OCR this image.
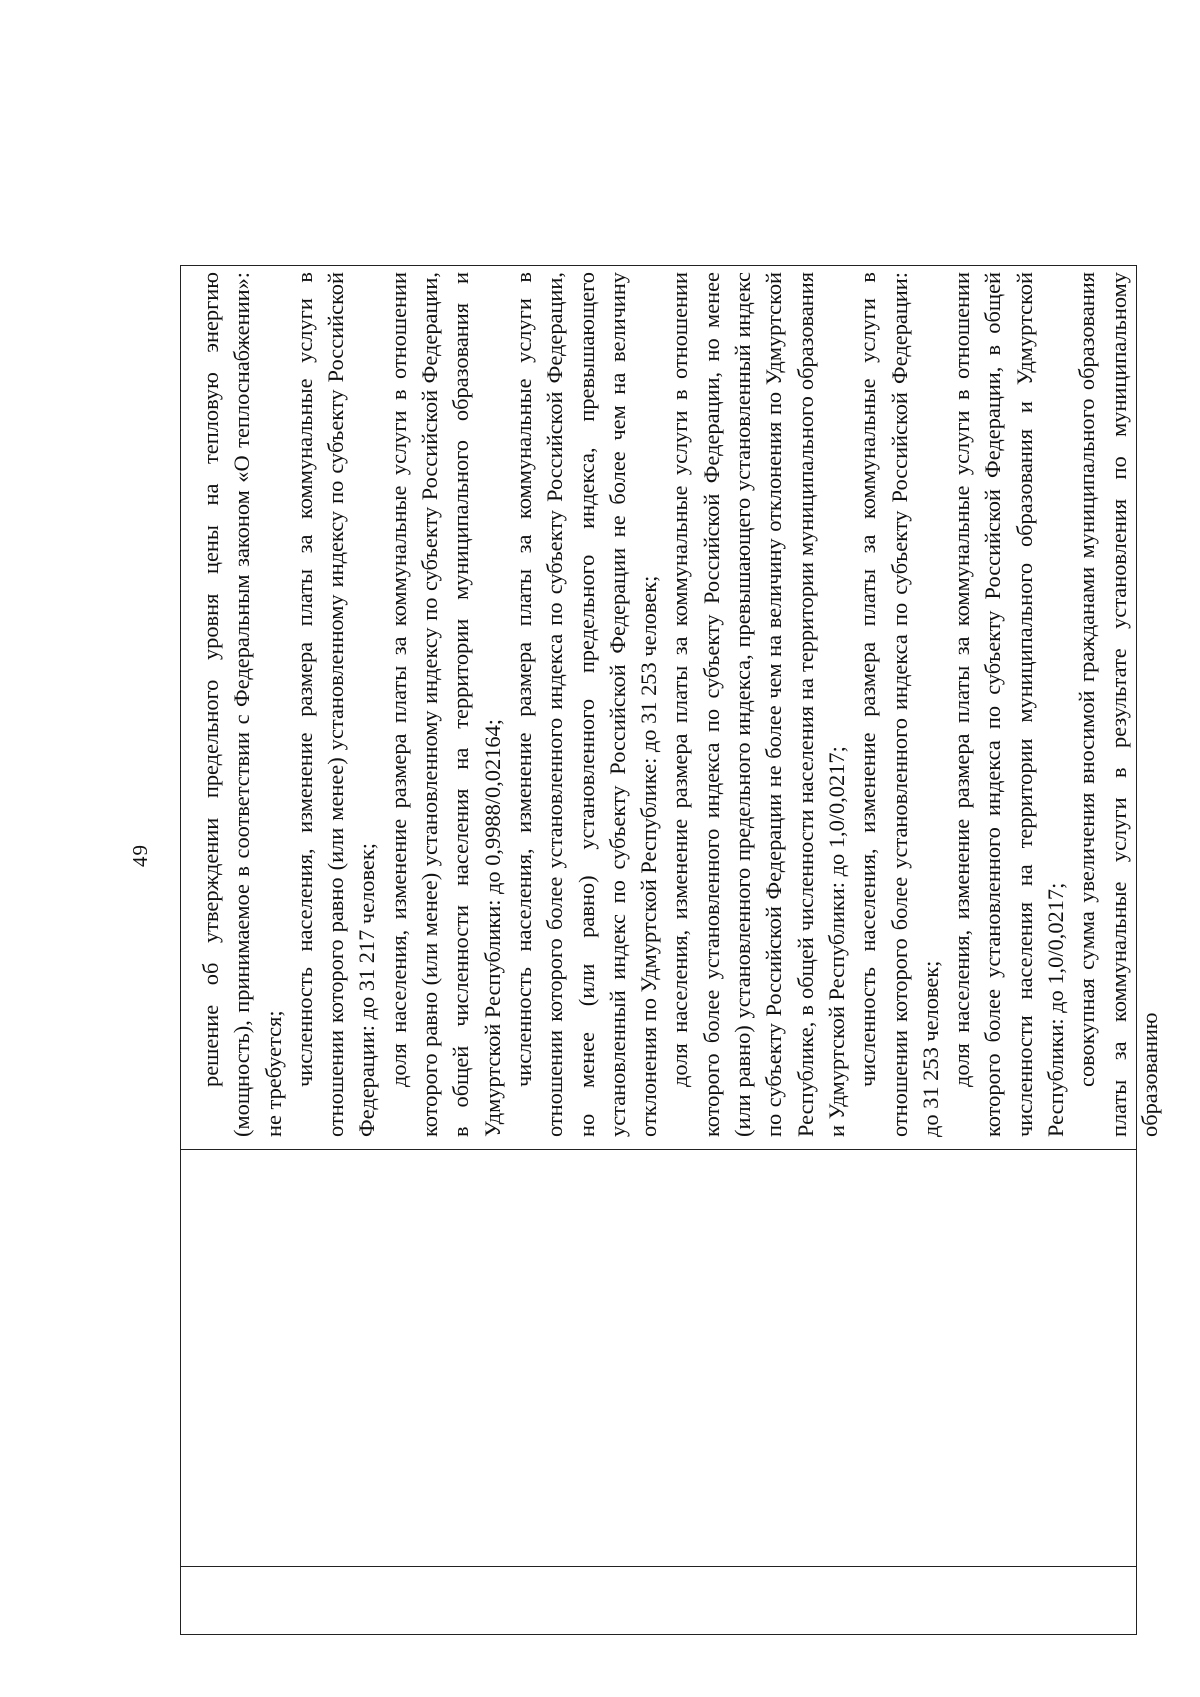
49 решение об утверждении предельного уровня цены на тепловую энергию (мощность), принимаемое в соответствии с Федеральным законом «О теплоснабжении»: не требуется; численность населения, изменение размера платы за коммунальные услуги в отношении которого равно (или менее) установленному индексу по субъекту Российской Федерации: до 31 217 человек; доля населения, изменение размера платы за коммунальные услуги в отношении которого равно (или менее) установленному индексу по субъекту Российской Федерации, в общей численности населения на территории муниципального образования и Удмуртской Республики: до 0,9988/0,02164; численность населения, изменение размера платы за коммунальные услуги в отношении которого более установленного индекса по субъекту Российской Федерации, но менее (или равно) установленного предельного индекса, превышающего установленный индекс по субъекту Российской Федерации не более чем на величину отклонения по Удмуртской Республике: до 31 253 человек; доля населения, изменение размера платы за коммунальные услуги в отношении которого более установленного индекса по субъекту Российской Федерации, но менее (или равно) установленного предельного индекса, превышающего установленный индекс по субъекту Российской Федерации не более чем на величину отклонения по Удмуртской Республике, в общей численности населения на территории муниципального образования и Удмуртской Республики: до 1,0/0,0217; численность населения, изменение размера платы за коммунальные услуги в отношении которого более установленного индекса по субъекту Российской Федерации: до 31 253 человек; доля населения, изменение размера платы за коммунальные услуги в отношении которого более установленного индекса по субъекту Российской Федерации, в общей численности населения на территории муниципального образования и Удмуртской Республики: до 1,0/0,0217; совокупная сумма увеличения вносимой гражданами муниципального образования платы за коммунальные услуги в результате установления по муниципальному образованию
